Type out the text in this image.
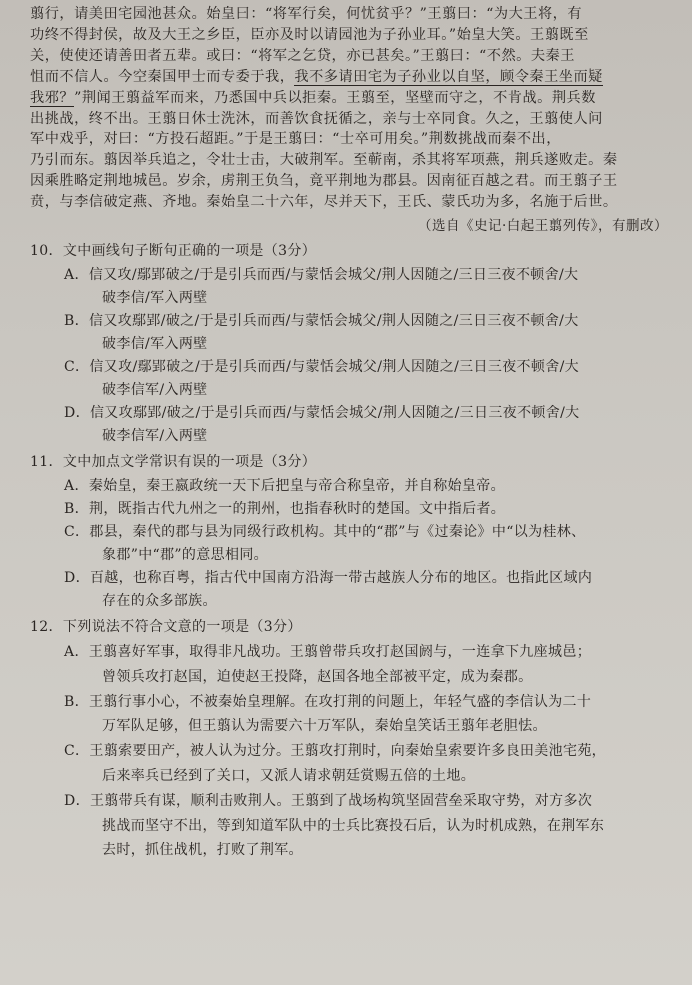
翦行，请美田宅园池甚众。始皇曰：“将军行矣，何忧贫乎？”王翦曰：“为大王将，有

功终不得封侯，故及大王之乡臣，臣亦及时以请园池为子孙业耳。”始皇大笑。王翦既至

关，使使还请善田者五辈。或曰：“将军之乞贷，亦已甚矣。”王翦曰：“不然。夫秦王

怚而不信人。今空秦国甲士而专委于我，我不多请田宅为子孙业以自坚，顾令秦王坐而疑

我邪？”荆闻王翦益军而来，乃悉国中兵以拒秦。王翦至，坚壁而守之，不肯战。荆兵数

出挑战，终不出。王翦日休士洗沐，而善饮食抚循之，亲与士卒同食。久之，王翦使人问

军中戏乎，对曰：“方投石超距。”于是王翦曰：“士卒可用矣。”荆数挑战而秦不出，

乃引而东。翦因举兵追之，令壮士击，大破荆军。至蕲南，杀其将军项燕，荆兵遂败走。秦

因乘胜略定荆地城邑。岁余，虏荆王负刍，竟平荆地为郡县。因南征百越之君。而王翦子王

贲，与李信破定燕、齐地。秦始皇二十六年，尽并天下，王氏、蒙氏功为多，名施于后世。

（选自《史记·白起王翦列传》，有删改）
10．文中画线句子断句正确的一项是（3分）
A．信又攻/鄢郢破之/于是引兵而西/与蒙恬会城父/荆人因随之/三日三夜不顿舍/大
破李信/军入两壁
B．信又攻鄢郢/破之/于是引兵而西/与蒙恬会城父/荆人因随之/三日三夜不顿舍/大
破李信/军入两壁
C．信又攻/鄢郢破之/于是引兵而西/与蒙恬会城父/荆人因随之/三日三夜不顿舍/大
破李信军/入两壁
D．信又攻鄢郢/破之/于是引兵而西/与蒙恬会城父/荆人因随之/三日三夜不顿舍/大
破李信军/入两壁
11．文中加点文学常识有误的一项是（3分）
A．秦始皇，秦王嬴政统一天下后把皇与帝合称皇帝，并自称始皇帝。
B．荆，既指古代九州之一的荆州，也指春秋时的楚国。文中指后者。
C．郡县，秦代的郡与县为同级行政机构。其中的“郡”与《过秦论》中“以为桂林、
象郡”中“郡”的意思相同。
D．百越，也称百粤，指古代中国南方沿海一带古越族人分布的地区。也指此区域内
存在的众多部族。
12．下列说法不符合文意的一项是（3分）
A．王翦喜好军事，取得非凡战功。王翦曾带兵攻打赵国阏与，一连拿下九座城邑；
曾领兵攻打赵国，迫使赵王投降，赵国各地全部被平定，成为秦郡。
B．王翦行事小心，不被秦始皇理解。在攻打荆的问题上，年轻气盛的李信认为二十
万军队足够，但王翦认为需要六十万军队，秦始皇笑话王翦年老胆怯。
C．王翦索要田产，被人认为过分。王翦攻打荆时，向秦始皇索要许多良田美池宅苑，
后来率兵已经到了关口，又派人请求朝廷赏赐五倍的土地。
D．王翦带兵有谋，顺利击败荆人。王翦到了战场构筑坚固营垒采取守势，对方多次
挑战而坚守不出，等到知道军队中的士兵比赛投石后，认为时机成熟，在荆军东
去时，抓住战机，打败了荆军。
